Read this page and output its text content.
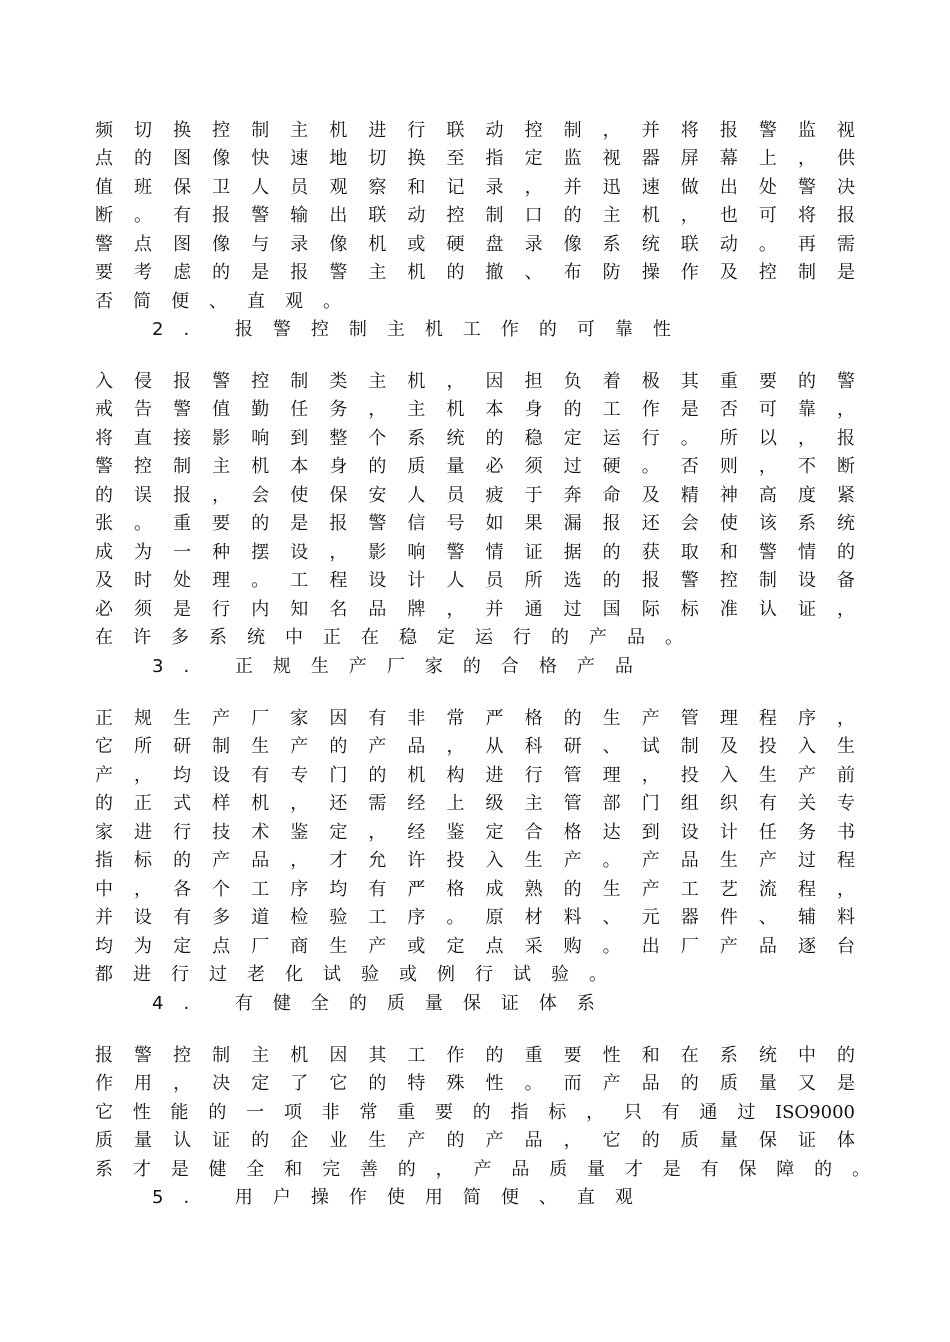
频 切 换 控 制 主 机 进 行 联 动 控 制 ， 并 将 报 警 监 视
点 的 图 像 快 速 地 切 换 至 指 定 监 视 器 屏 幕 上 ， 供
值 班 保 卫 人 员 观 察 和 记 录 ， 并 迅 速 做 出 处 警 决
断 。 有 报 警 输 出 联 动 控 制 口 的 主 机 ， 也 可 将 报
警 点 图 像 与 录 像 机 或 硬 盘 录 像 系 统 联 动 。 再 需
要 考 虑 的 是 报 警 主 机 的 撤 、 布 防 操 作 及 控 制 是
否简便、直观。
2. 报警控制主机工作的可靠性
入 侵 报 警 控 制 类 主 机 ， 因 担 负 着 极 其 重 要 的 警
戒 告 警 值 勤 任 务 ， 主 机 本 身 的 工 作 是 否 可 靠 ，
将 直 接 影 响 到 整 个 系 统 的 稳 定 运 行 。 所 以 ， 报
警 控 制 主 机 本 身 的 质 量 必 须 过 硬 。 否 则 ， 不 断
的 误 报 ， 会 使 保 安 人 员 疲 于 奔 命 及 精 神 高 度 紧
张 。 重 要 的 是 报 警 信 号 如 果 漏 报 还 会 使 该 系 统
成 为 一 种 摆 设 ， 影 响 警 情 证 据 的 获 取 和 警 情 的
及 时 处 理 。 工 程 设 计 人 员 所 选 的 报 警 控 制 设 备
必 须 是 行 内 知 名 品 牌 ， 并 通 过 国 际 标 准 认 证 ，
在许多系统中正在稳定运行的产品。
3. 正规生产厂家的合格产品
正 规 生 产 厂 家 因 有 非 常 严 格 的 生 产 管 理 程 序 ，
它 所 研 制 生 产 的 产 品 ， 从 科 研 、 试 制 及 投 入 生
产 ， 均 设 有 专 门 的 机 构 进 行 管 理 ， 投 入 生 产 前
的 正 式 样 机 ， 还 需 经 上 级 主 管 部 门 组 织 有 关 专
家 进 行 技 术 鉴 定 ， 经 鉴 定 合 格 达 到 设 计 任 务 书
指 标 的 产 品 ， 才 允 许 投 入 生 产 。 产 品 生 产 过 程
中 ， 各 个 工 序 均 有 严 格 成 熟 的 生 产 工 艺 流 程 ，
并 设 有 多 道 检 验 工 序 。 原 材 料 、 元 器 件 、 辅 料
均 为 定 点 厂 商 生 产 或 定 点 采 购 。 出 厂 产 品 逐 台
都进行过老化试验或例行试验。
4. 有健全的质量保证体系
报 警 控 制 主 机 因 其 工 作 的 重 要 性 和 在 系 统 中 的
作 用 ， 决 定 了 它 的 特 殊 性 。 而 产 品 的 质 量 又 是
它 性 能 的 一 项 非 常 重 要 的 指 标 ， 只 有 通 过 ISO9000
质 量 认 证 的 企 业 生 产 的 产 品 ， 它 的 质 量 保 证 体
系 才 是 健 全 和 完 善 的 ， 产 品 质 量 才 是 有 保 障 的 。
5. 用户操作使用简便、直观
